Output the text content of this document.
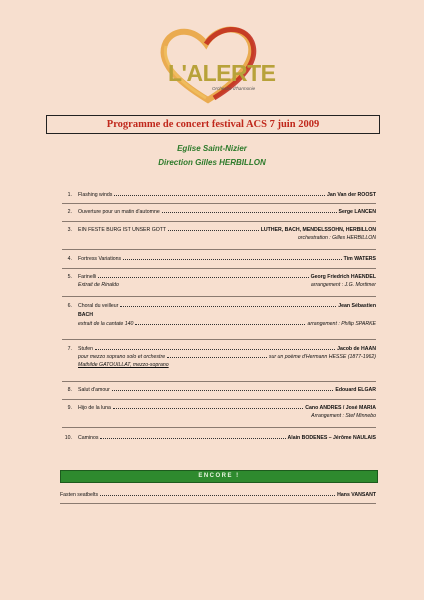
L'ALERTE
Orchestre d'harmonie
Programme de concert festival ACS 7 juin 2009
Eglise Saint-Nizier
Direction Gilles HERBILLON
1. Flashing winds	Jan Van der ROOST
2. Ouverture pour un matin d'automne	Serge LANCEN
3. EIN FESTE BURG IST UNSER GOTT	LUTHER, BACH, MENDELSSOHN, HERBILLON
orchestration : Gilles HERBILLON
4. Fortress Variations	Tim WATERS
5. Farinelli	Georg Friedrich HAENDEL
Extrait de Rinaldo	arrangement : J.G. Mortimer
6. Choral du veilleur	Jean Sébastien
BACH
extrait de la cantate 140	arrangement : Philip SPARKE
7. Stufen	Jacob de HAAN
pour mezzo soprano solo et orchestre	sur un poème d'Hermann HESSE (1877-1962)
Mathilde GATOUILLAT, mezzo-soprano
8. Salut d'amour	Edouard ELGAR
9. Hijo de la luna	Cano ANDRES / José MARIA
Arrangement : Stef Minnebo
10. Caminos	Alain BODENES – Jérôme NAULAIS
ENCORE !
Fasten seatbelts	Hans VANSANT
